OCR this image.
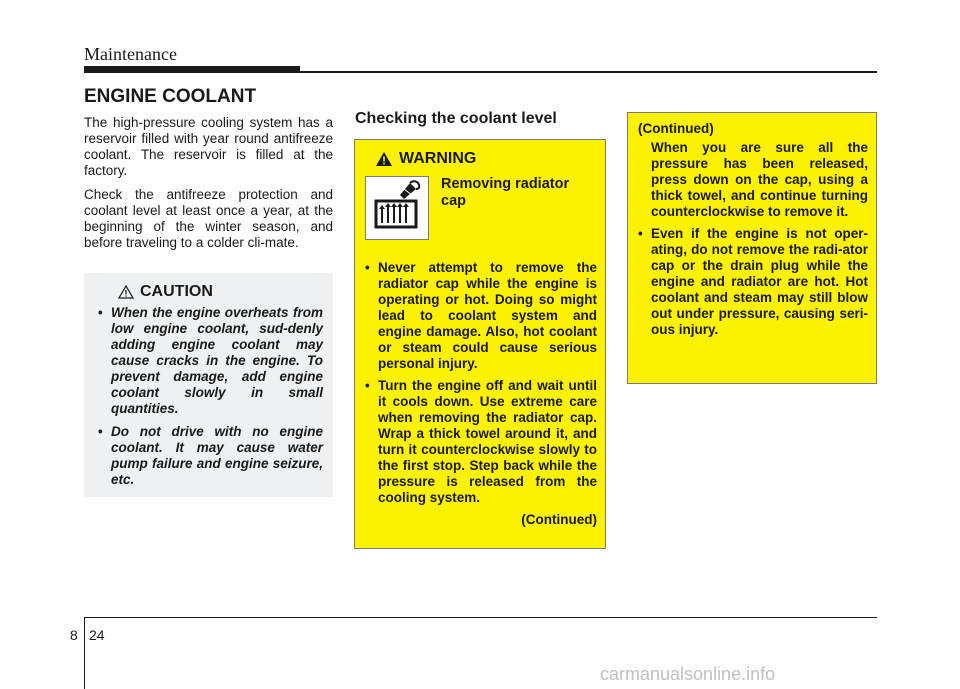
Maintenance
ENGINE COOLANT

The high-pressure cooling system has a reservoir filled with year round antifreeze coolant. The reservoir is filled at the factory.

Check the antifreeze protection and coolant level at least once a year, at the beginning of the winter season, and before traveling to a colder cli-mate.

CAUTION
• When the engine overheats from low engine coolant, sud-denly adding engine coolant may cause cracks in the engine. To prevent damage, add engine coolant slowly in small quantities.
• Do not drive with no engine coolant. It may cause water pump failure and engine seizure, etc.
Checking the coolant level
WARNING
Removing radiator cap
• Never attempt to remove the radiator cap while the engine is operating or hot. Doing so might lead to coolant system and engine damage. Also, hot coolant or steam could cause serious personal injury.
• Turn the engine off and wait until it cools down. Use extreme care when removing the radiator cap. Wrap a thick towel around it, and turn it counterclockwise slowly to the first stop. Step back while the pressure is released from the cooling system.
(Continued)
(Continued)
When you are sure all the pressure has been released, press down on the cap, using a thick towel, and continue turning counterclockwise to remove it.
• Even if the engine is not oper-ating, do not remove the radi-ator cap or the drain plug while the engine and radiator are hot. Hot coolant and steam may still blow out under pressure, causing seri-ous injury.
8 24
carmanualsonline.info
